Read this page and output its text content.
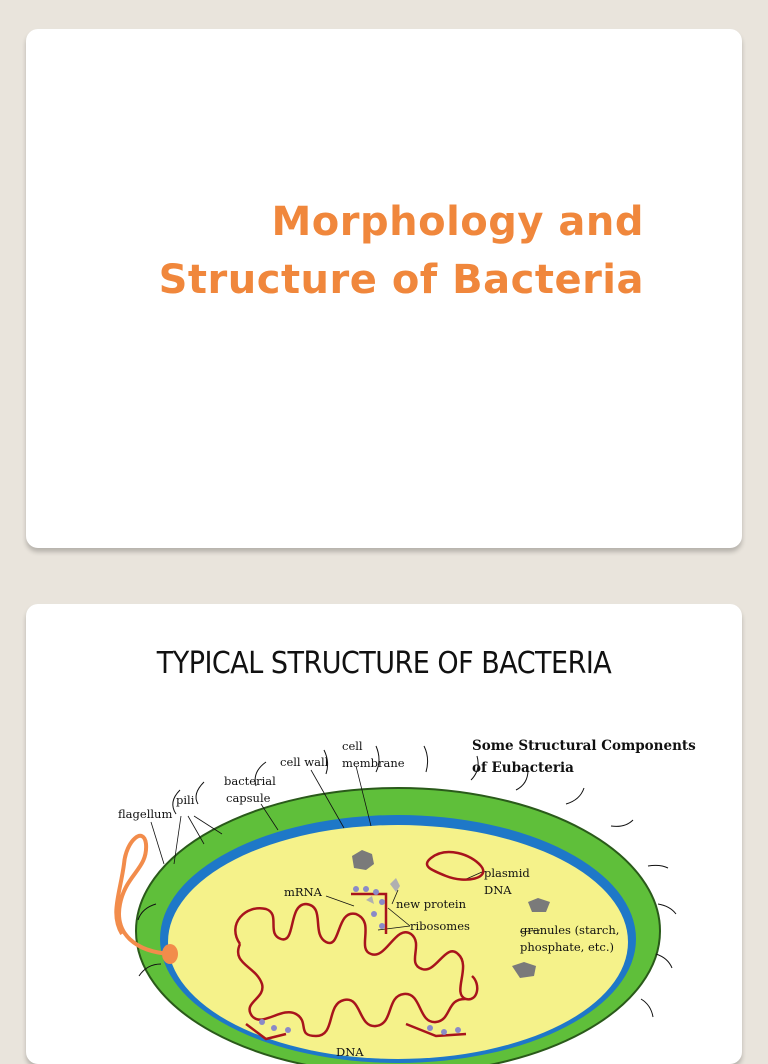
Morphology and
Structure of Bacteria
TYPICAL STRUCTURE OF BACTERIA
cell
membrane
cell wall
bacterial
capsule
pili
flagellum
plasmid
DNA
mRNA
new protein
ribosomes	granules (starch,
phosphate, etc.)
DNA
Some Structural Components
of Eubacteria
